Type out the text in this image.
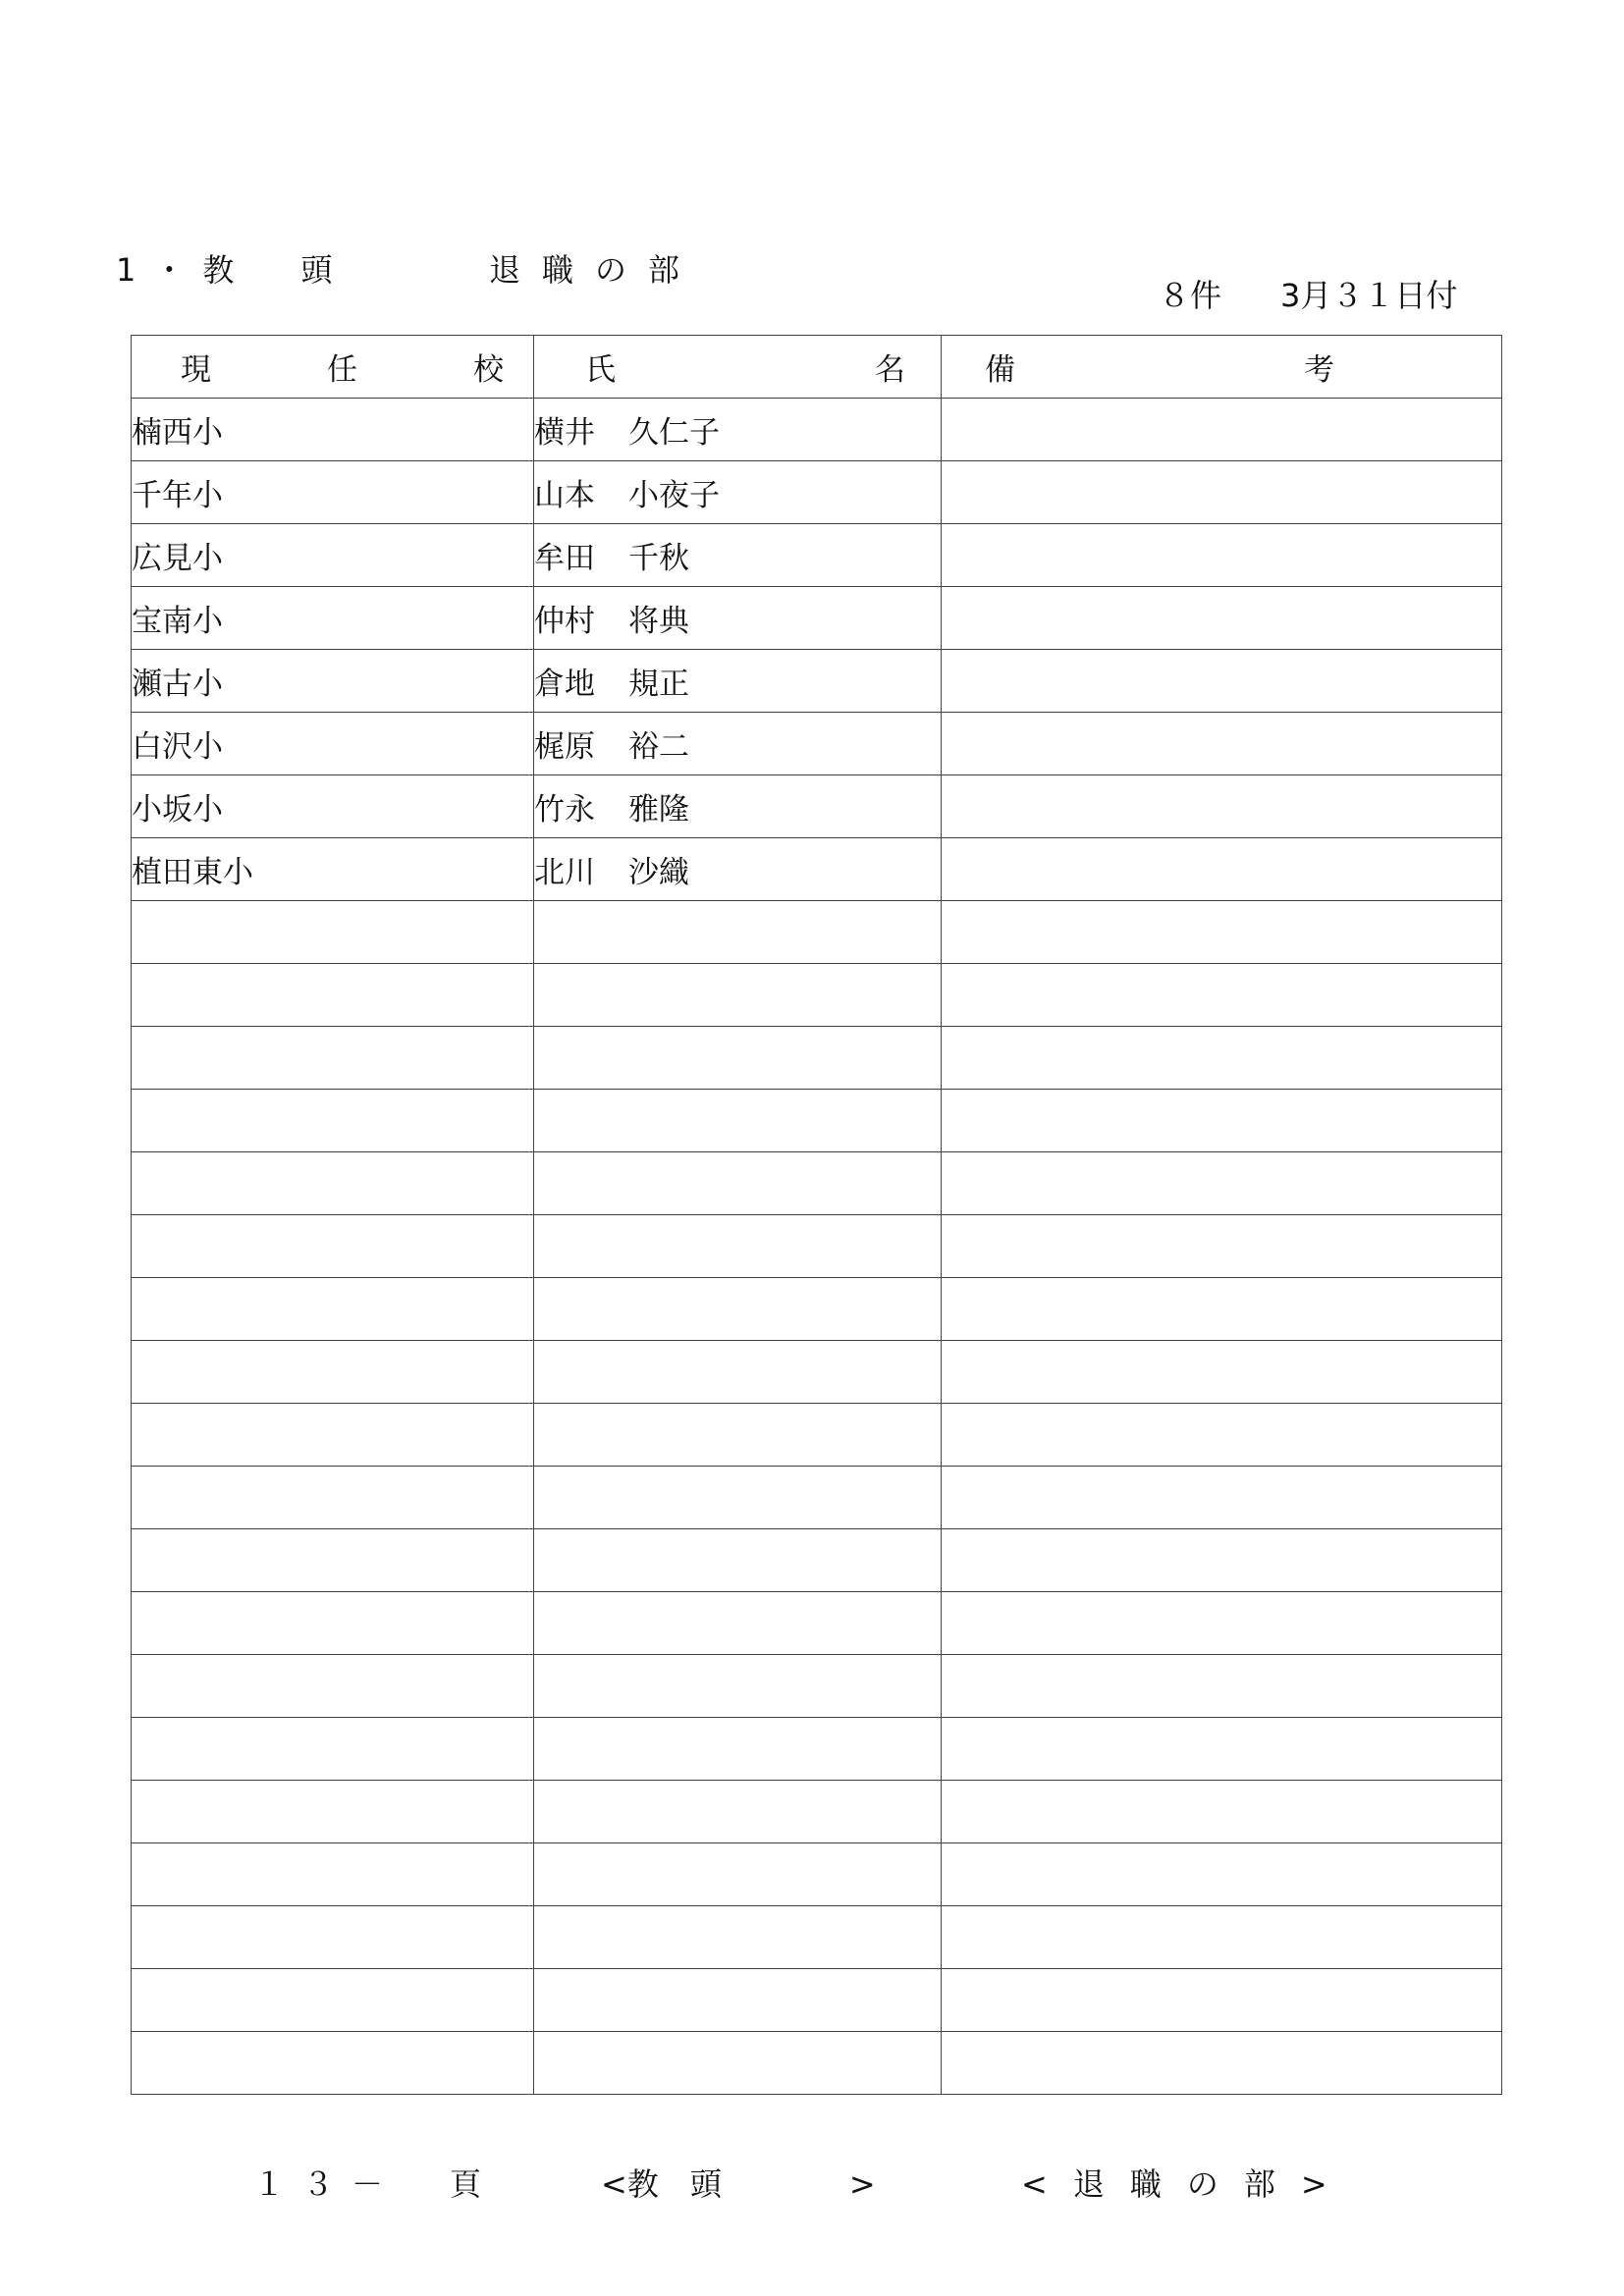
1・教　頭	退職の部
８件 3月３１日付
現 任 校	氏 名	備 考

楠西小	横井 久仁子	
千年小	山本 小夜子	
広見小	牟田 千秋	
宝南小	仲村 将典	
瀬古小	倉地 規正	
白沢小	梶原 裕二	
小坂小	竹永 雅隆	
植田東小	北川 沙織	

１３－ 頁	<教　頭	>	<退職の部>
